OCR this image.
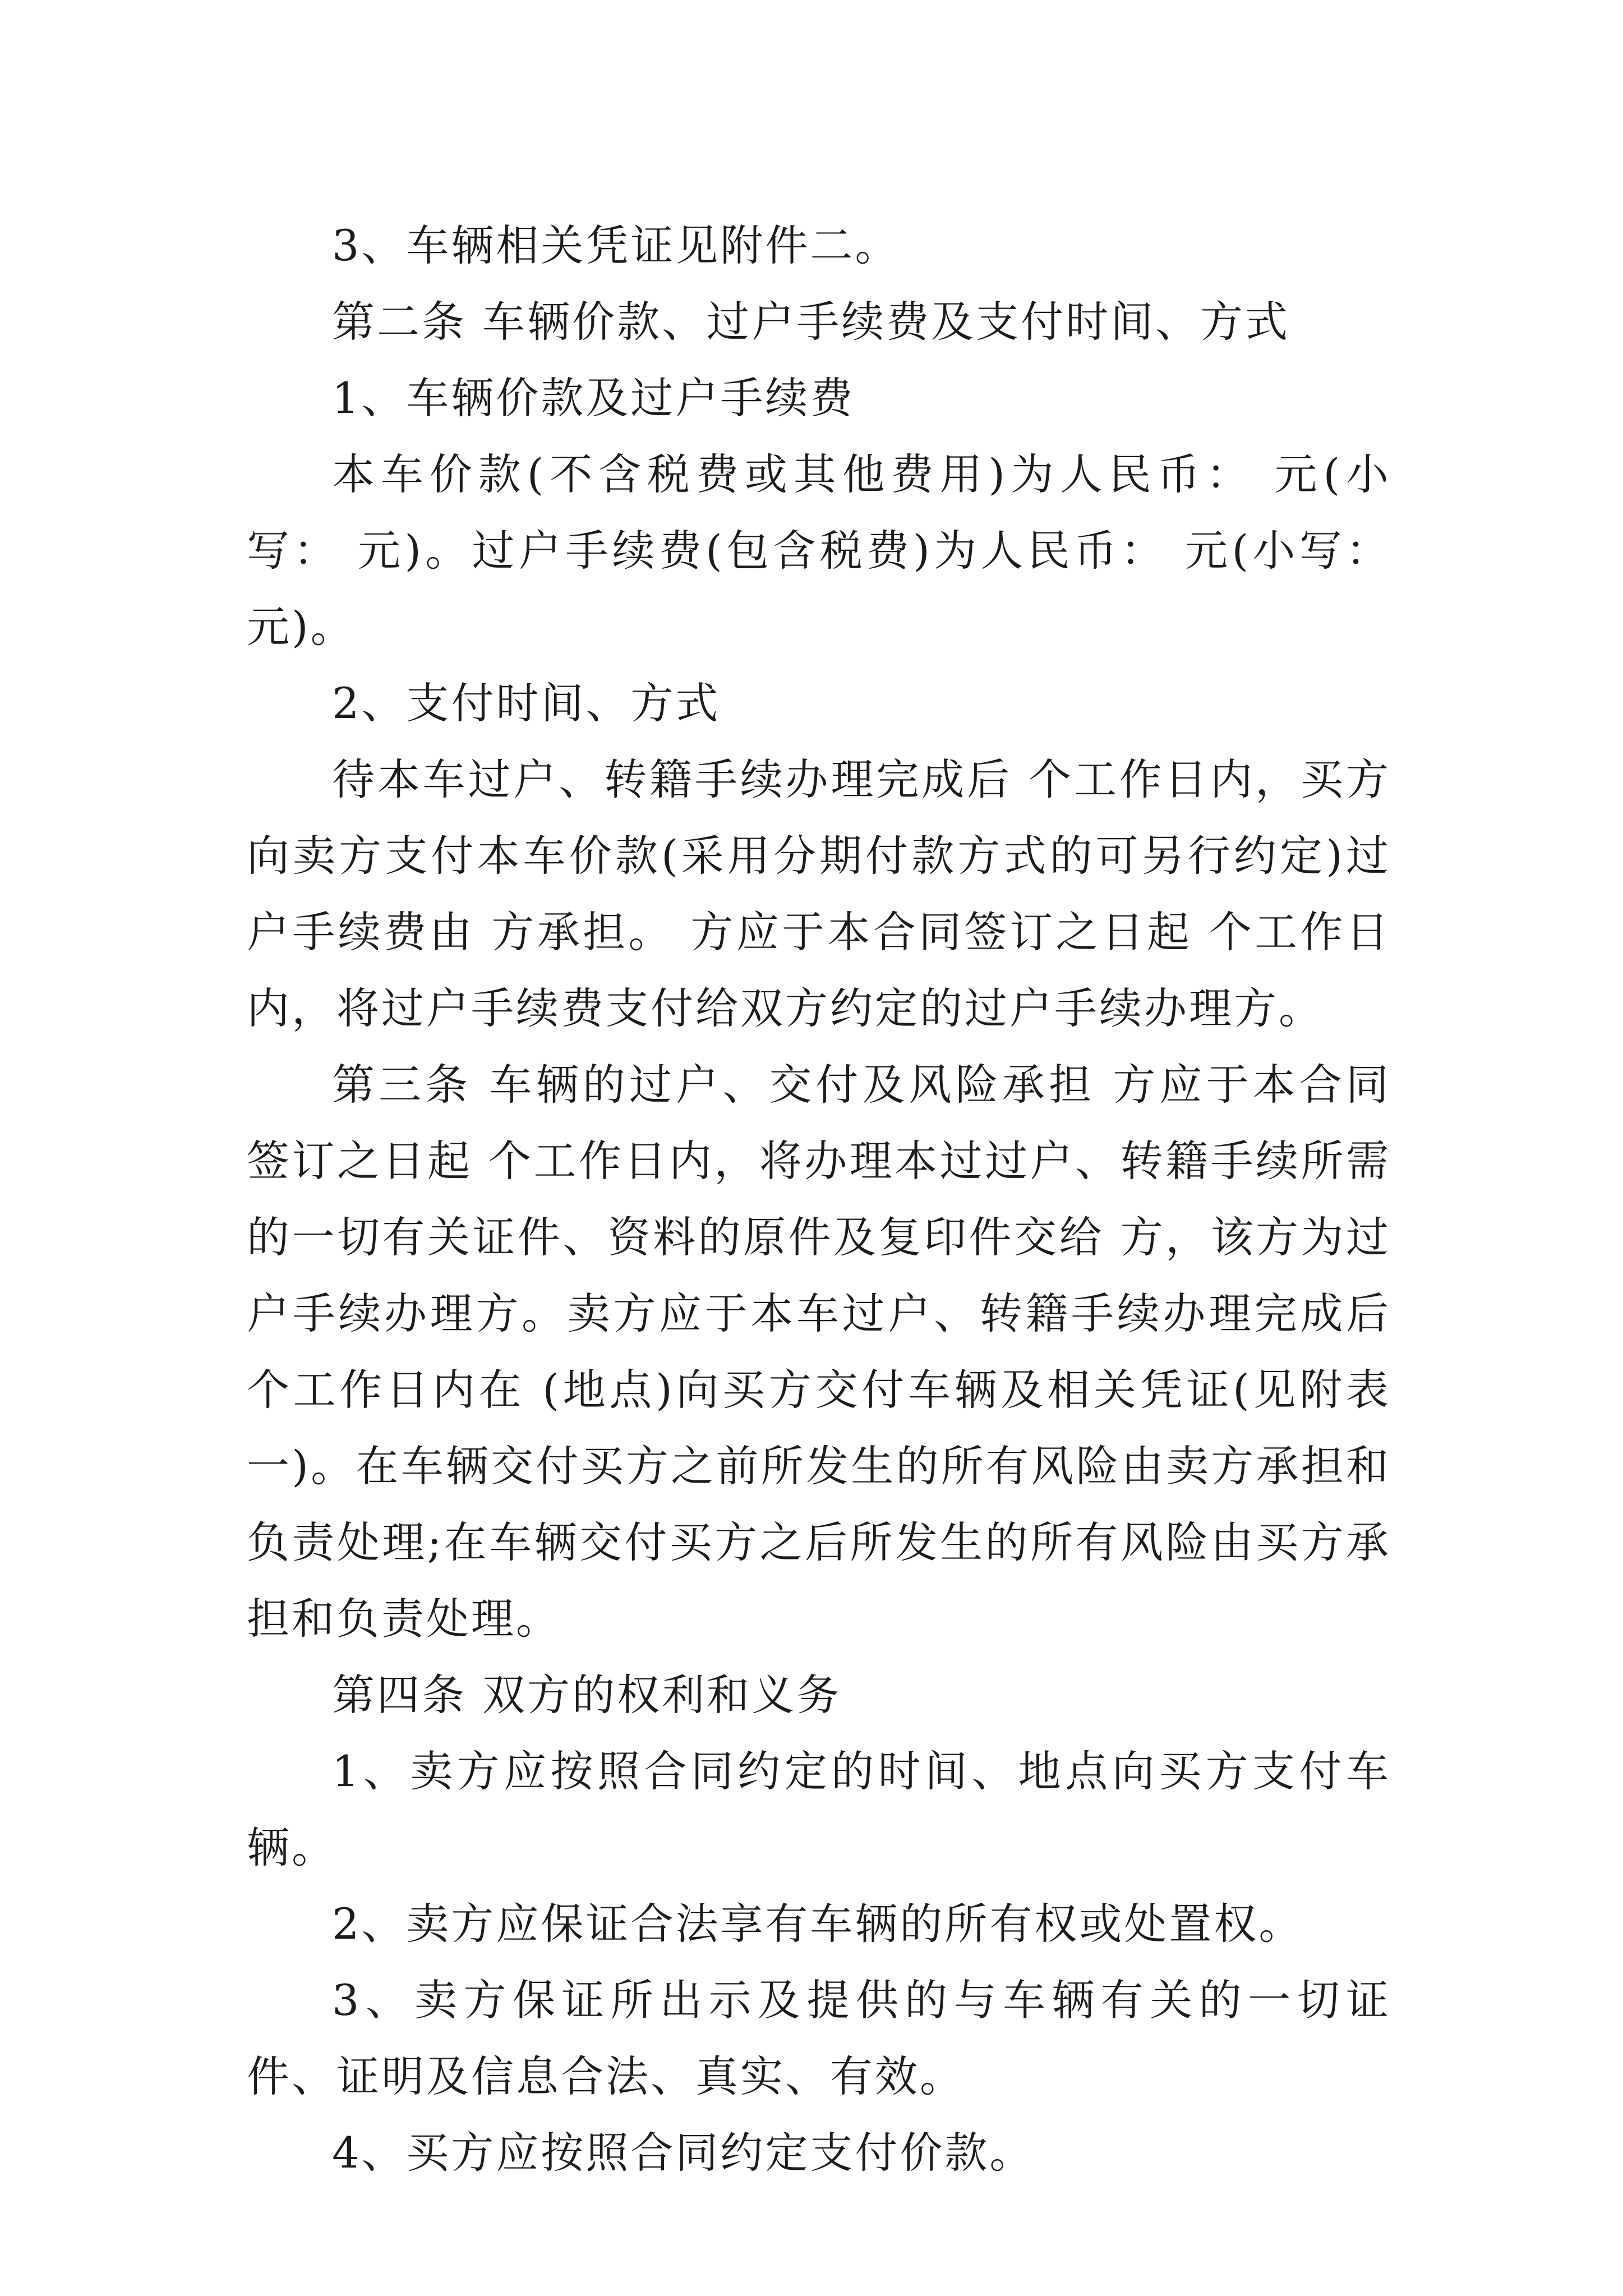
3、车辆相关凭证见附件二。

第二条 车辆价款、过户手续费及支付时间、方式

1、车辆价款及过户手续费

本车价款(不含税费或其他费用)为人民币： 元(小写： 元)。过户手续费(包含税费)为人民币： 元(小写： 元)。

2、支付时间、方式

待本车过户、转籍手续办理完成后 个工作日内，买方向卖方支付本车价款(采用分期付款方式的可另行约定)过户手续费由 方承担。 方应于本合同签订之日起 个工作日内，将过户手续费支付给双方约定的过户手续办理方。

第三条 车辆的过户、交付及风险承担 方应于本合同签订之日起 个工作日内，将办理本过过户、转籍手续所需的一切有关证件、资料的原件及复印件交给 方，该方为过户手续办理方。卖方应于本车过户、转籍手续办理完成后 个工作日内在 (地点)向买方交付车辆及相关凭证(见附表一)。在车辆交付买方之前所发生的所有风险由卖方承担和负责处理;在车辆交付买方之后所发生的所有风险由买方承担和负责处理。

第四条 双方的权利和义务

1、卖方应按照合同约定的时间、地点向买方支付车辆。

2、卖方应保证合法享有车辆的所有权或处置权。

3、卖方保证所出示及提供的与车辆有关的一切证件、证明及信息合法、真实、有效。

4、买方应按照合同约定支付价款。
